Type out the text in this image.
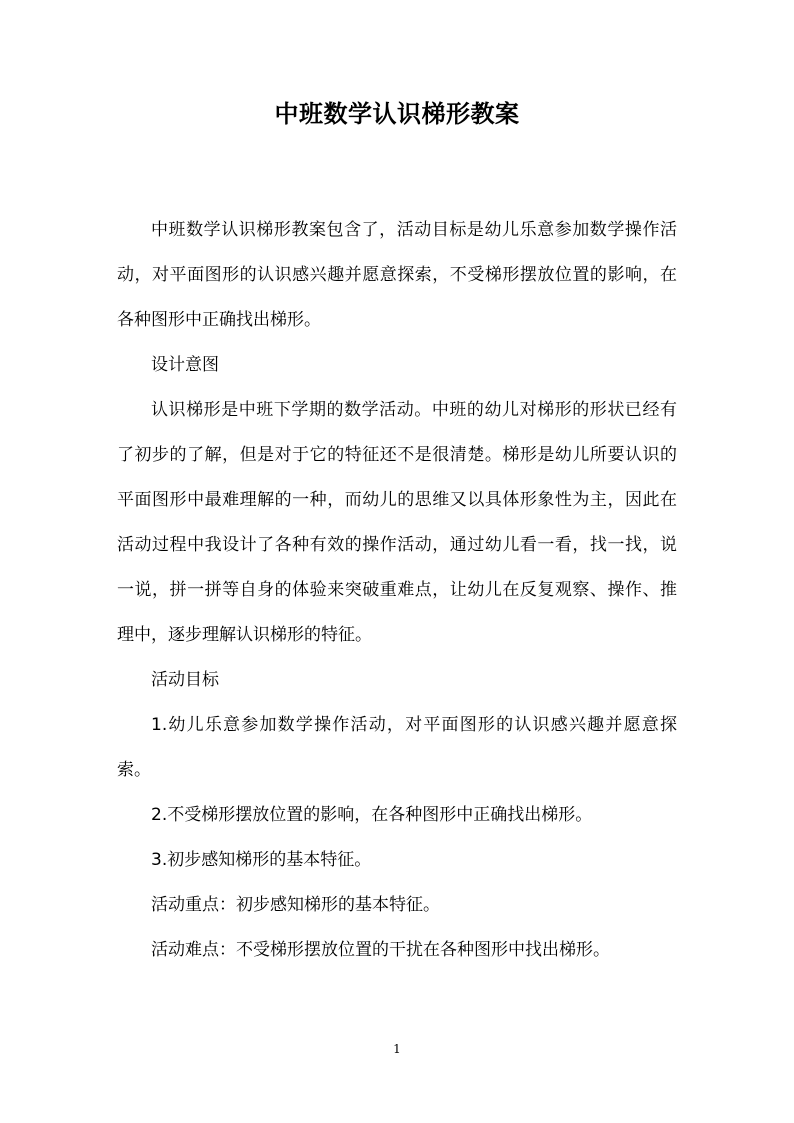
中班数学认识梯形教案

中班数学认识梯形教案包含了，活动目标是幼儿乐意参加数学操作活动，对平面图形的认识感兴趣并愿意探索，不受梯形摆放位置的影响，在各种图形中正确找出梯形。

设计意图

认识梯形是中班下学期的数学活动。中班的幼儿对梯形的形状已经有了初步的了解，但是对于它的特征还不是很清楚。梯形是幼儿所要认识的平面图形中最难理解的一种，而幼儿的思维又以具体形象性为主，因此在活动过程中我设计了各种有效的操作活动，通过幼儿看一看，找一找，说一说，拼一拼等自身的体验来突破重难点，让幼儿在反复观察、操作、推理中，逐步理解认识梯形的特征。

活动目标

1.幼儿乐意参加数学操作活动，对平面图形的认识感兴趣并愿意探索。

2.不受梯形摆放位置的影响，在各种图形中正确找出梯形。

3.初步感知梯形的基本特征。

活动重点：初步感知梯形的基本特征。

活动难点：不受梯形摆放位置的干扰在各种图形中找出梯形。

1
